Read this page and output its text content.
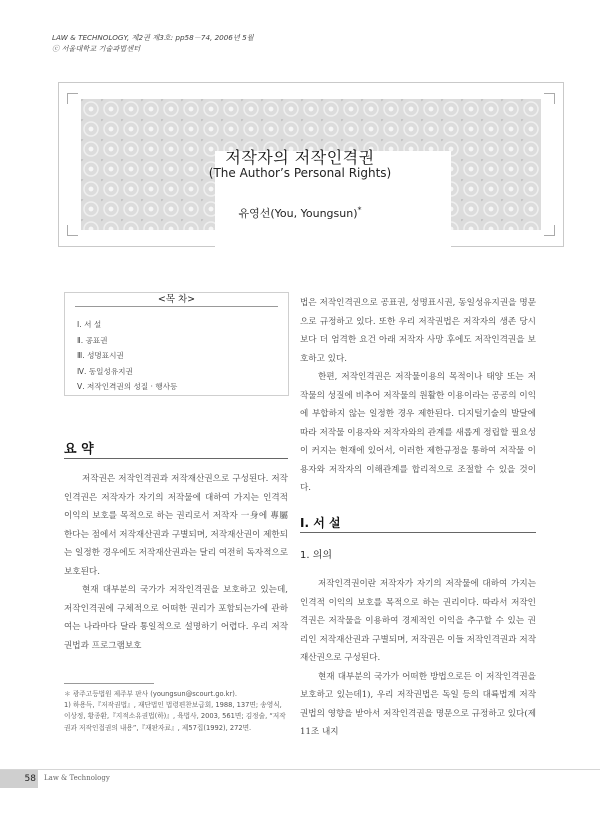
LAW & TECHNOLOGY, 제2권 제3호: pp58－74, 2006년 5월
ⓒ 서울대학교 기술과법센터
저작자의 저작인격권
(The Author’s Personal Rights)
유영선(You, Youngsun)*
<목 차>
Ⅰ. 서 설
Ⅱ. 공표권
Ⅲ. 성명표시권
Ⅳ. 동일성유지권
Ⅴ. 저작인격권의 성질 · 행사등
요 약

저작권은 저작인격권과 저작재산권으로 구성된다. 저작인격권은 저작자가 자기의 저작물에 대하여 가지는 인격적 이익의 보호를 목적으로 하는 권리로서 저작자 一身에 專屬한다는 점에서 저작재산권과 구별되며, 저작재산권이 제한되는 일정한 경우에도 저작재산권과는 달리 여전히 독자적으로 보호된다.

현재 대부분의 국가가 저작인격권을 보호하고 있는데, 저작인격권에 구체적으로 어떠한 권리가 포함되는가에 관하여는 나라마다 달라 통일적으로 설명하기 어렵다. 우리 저작권법과 프로그램보호

법은 저작인격권으로 공표권, 성명표시권, 동일성유지권을 명문으로 규정하고 있다. 또한 우리 저작권법은 저작자의 생존 당시보다 더 엄격한 요건 아래 저작자 사망 후에도 저작인격권을 보호하고 있다.

한편, 저작인격권은 저작물이용의 목적이나 태양 또는 저작물의 성질에 비추어 저작물의 원활한 이용이라는 공공의 이익에 부합하지 않는 일정한 경우 제한된다. 디지털기술의 발달에 따라 저작물 이용자와 저작자와의 관계를 새롭게 정립할 필요성이 커지는 현재에 있어서, 이러한 제한규정을 통하여 저작물 이용자와 저작자의 이해관계를 합리적으로 조절할 수 있을 것이다.

Ⅰ. 서 설
1. 의의

저작인격권이란 저작자가 자기의 저작물에 대하여 가지는 인격적 이익의 보호를 목적으로 하는 권리이다. 따라서 저작인격권은 저작물을 이용하여 경제적인 이익을 추구할 수 있는 권리인 저작재산권과 구별되며, 저작권은 이들 저작인격권과 저작재산권으로 구성된다.

현재 대부분의 국가가 어떠한 방법으로든 이 저작인격권을 보호하고 있는데1), 우리 저작권법은 독일 등의 대륙법계 저작권법의 영향을 받아서 저작인격권을 명문으로 규정하고 있다(제11조 내지

＊ 광주고등법원 제주부 판사 (youngsun@scourt.go.kr).
1) 하용득,『저작권법』, 재단법인 법령편찬보급회, 1988, 137면; 송영식, 이상정, 황종환,『지적소유권법(하)』, 육법사, 2003, 561면; 김정술, “저작권과 저작인접권의 내용”,『재판자료』, 제57집(1992), 272면.
58 Law & Technology
